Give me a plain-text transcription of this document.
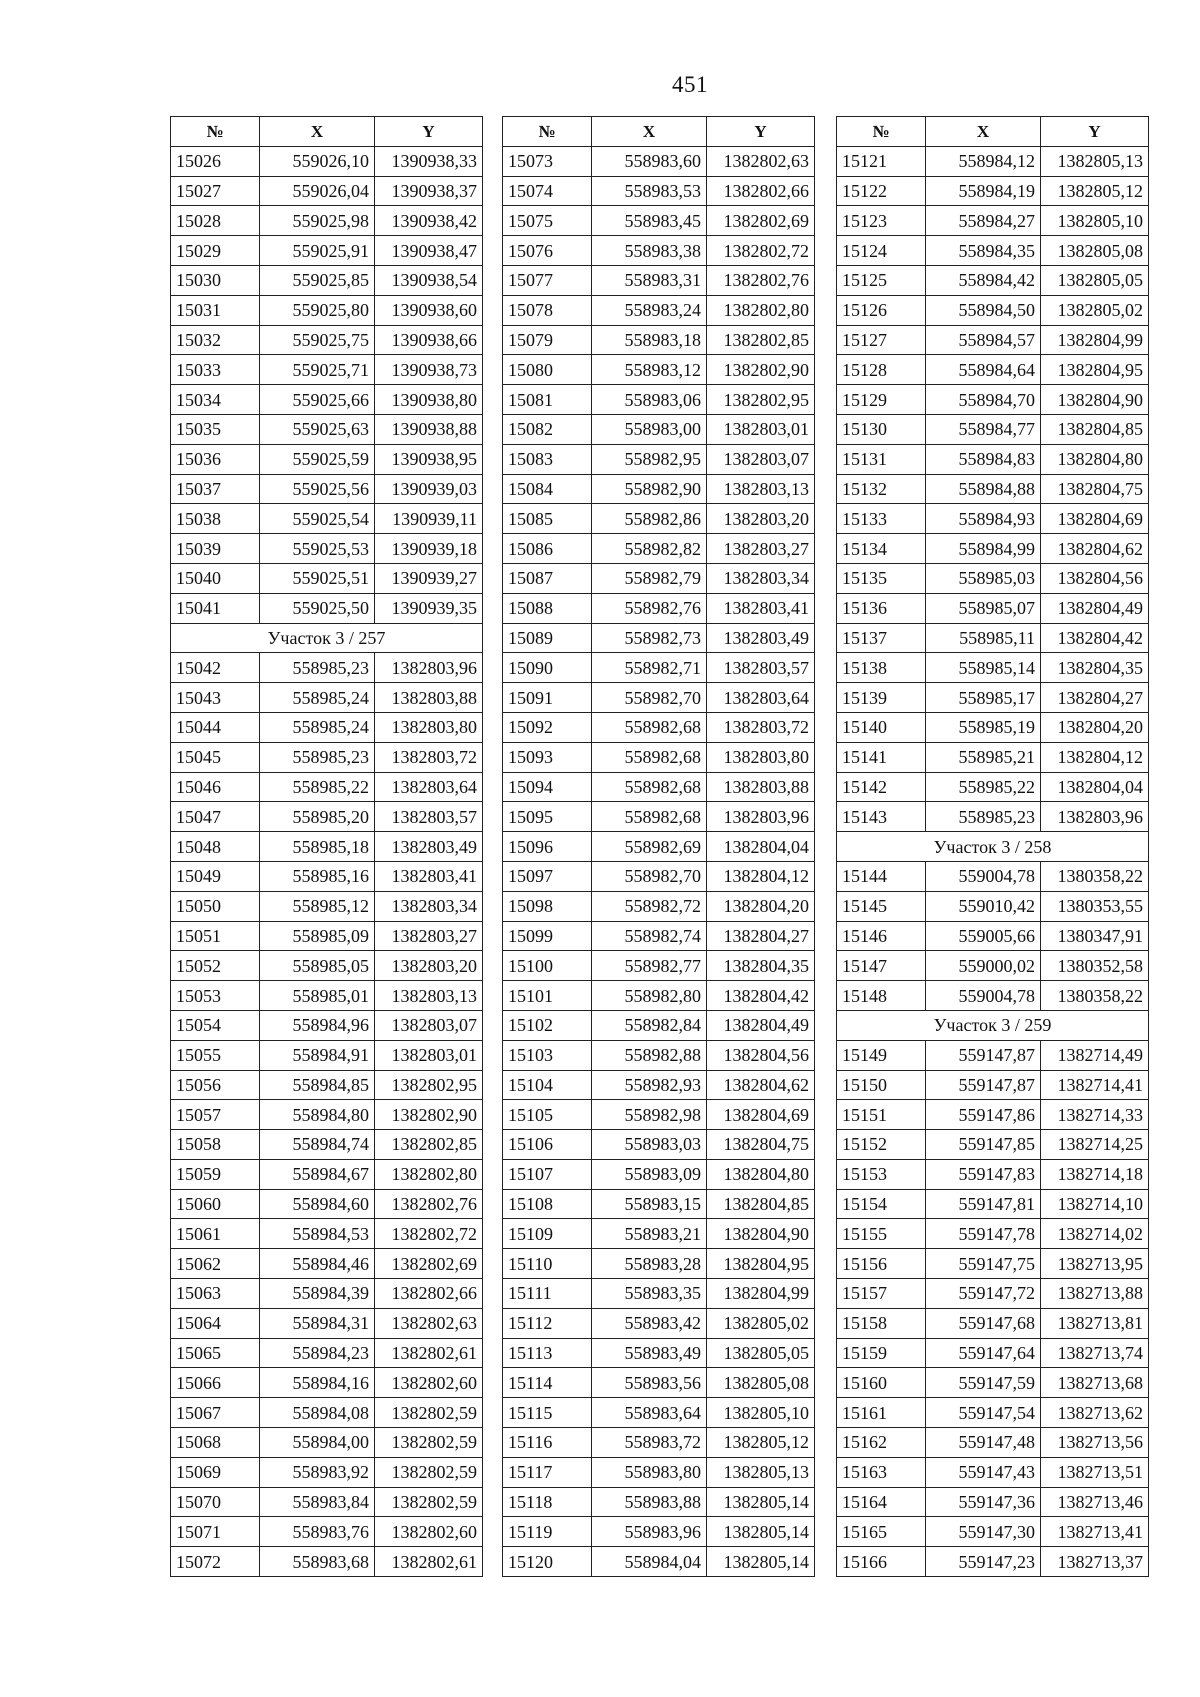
451
№	X	Y
15026	559026,10	1390938,33
15027	559026,04	1390938,37
15028	559025,98	1390938,42
15029	559025,91	1390938,47
15030	559025,85	1390938,54
15031	559025,80	1390938,60
15032	559025,75	1390938,66
15033	559025,71	1390938,73
15034	559025,66	1390938,80
15035	559025,63	1390938,88
15036	559025,59	1390938,95
15037	559025,56	1390939,03
15038	559025,54	1390939,11
15039	559025,53	1390939,18
15040	559025,51	1390939,27
15041	559025,50	1390939,35
Участок 3 / 257		
15042	558985,23	1382803,96
15043	558985,24	1382803,88
15044	558985,24	1382803,80
15045	558985,23	1382803,72
15046	558985,22	1382803,64
15047	558985,20	1382803,57
15048	558985,18	1382803,49
15049	558985,16	1382803,41
15050	558985,12	1382803,34
15051	558985,09	1382803,27
15052	558985,05	1382803,20
15053	558985,01	1382803,13
15054	558984,96	1382803,07
15055	558984,91	1382803,01
15056	558984,85	1382802,95
15057	558984,80	1382802,90
15058	558984,74	1382802,85
15059	558984,67	1382802,80
15060	558984,60	1382802,76
15061	558984,53	1382802,72
15062	558984,46	1382802,69
15063	558984,39	1382802,66
15064	558984,31	1382802,63
15065	558984,23	1382802,61
15066	558984,16	1382802,60
15067	558984,08	1382802,59
15068	558984,00	1382802,59
15069	558983,92	1382802,59
15070	558983,84	1382802,59
15071	558983,76	1382802,60
15072	558983,68	1382802,61
№	X	Y
15073	558983,60	1382802,63
15074	558983,53	1382802,66
15075	558983,45	1382802,69
15076	558983,38	1382802,72
15077	558983,31	1382802,76
15078	558983,24	1382802,80
15079	558983,18	1382802,85
15080	558983,12	1382802,90
15081	558983,06	1382802,95
15082	558983,00	1382803,01
15083	558982,95	1382803,07
15084	558982,90	1382803,13
15085	558982,86	1382803,20
15086	558982,82	1382803,27
15087	558982,79	1382803,34
15088	558982,76	1382803,41
15089	558982,73	1382803,49
15090	558982,71	1382803,57
15091	558982,70	1382803,64
15092	558982,68	1382803,72
15093	558982,68	1382803,80
15094	558982,68	1382803,88
15095	558982,68	1382803,96
15096	558982,69	1382804,04
15097	558982,70	1382804,12
15098	558982,72	1382804,20
15099	558982,74	1382804,27
15100	558982,77	1382804,35
15101	558982,80	1382804,42
15102	558982,84	1382804,49
15103	558982,88	1382804,56
15104	558982,93	1382804,62
15105	558982,98	1382804,69
15106	558983,03	1382804,75
15107	558983,09	1382804,80
15108	558983,15	1382804,85
15109	558983,21	1382804,90
15110	558983,28	1382804,95
15111	558983,35	1382804,99
15112	558983,42	1382805,02
15113	558983,49	1382805,05
15114	558983,56	1382805,08
15115	558983,64	1382805,10
15116	558983,72	1382805,12
15117	558983,80	1382805,13
15118	558983,88	1382805,14
15119	558983,96	1382805,14
15120	558984,04	1382805,14
№	X	Y
15121	558984,12	1382805,13
15122	558984,19	1382805,12
15123	558984,27	1382805,10
15124	558984,35	1382805,08
15125	558984,42	1382805,05
15126	558984,50	1382805,02
15127	558984,57	1382804,99
15128	558984,64	1382804,95
15129	558984,70	1382804,90
15130	558984,77	1382804,85
15131	558984,83	1382804,80
15132	558984,88	1382804,75
15133	558984,93	1382804,69
15134	558984,99	1382804,62
15135	558985,03	1382804,56
15136	558985,07	1382804,49
15137	558985,11	1382804,42
15138	558985,14	1382804,35
15139	558985,17	1382804,27
15140	558985,19	1382804,20
15141	558985,21	1382804,12
15142	558985,22	1382804,04
15143	558985,23	1382803,96
Участок 3 / 258		
15144	559004,78	1380358,22
15145	559010,42	1380353,55
15146	559005,66	1380347,91
15147	559000,02	1380352,58
15148	559004,78	1380358,22
Участок 3 / 259		
15149	559147,87	1382714,49
15150	559147,87	1382714,41
15151	559147,86	1382714,33
15152	559147,85	1382714,25
15153	559147,83	1382714,18
15154	559147,81	1382714,10
15155	559147,78	1382714,02
15156	559147,75	1382713,95
15157	559147,72	1382713,88
15158	559147,68	1382713,81
15159	559147,64	1382713,74
15160	559147,59	1382713,68
15161	559147,54	1382713,62
15162	559147,48	1382713,56
15163	559147,43	1382713,51
15164	559147,36	1382713,46
15165	559147,30	1382713,41
15166	559147,23	1382713,37
